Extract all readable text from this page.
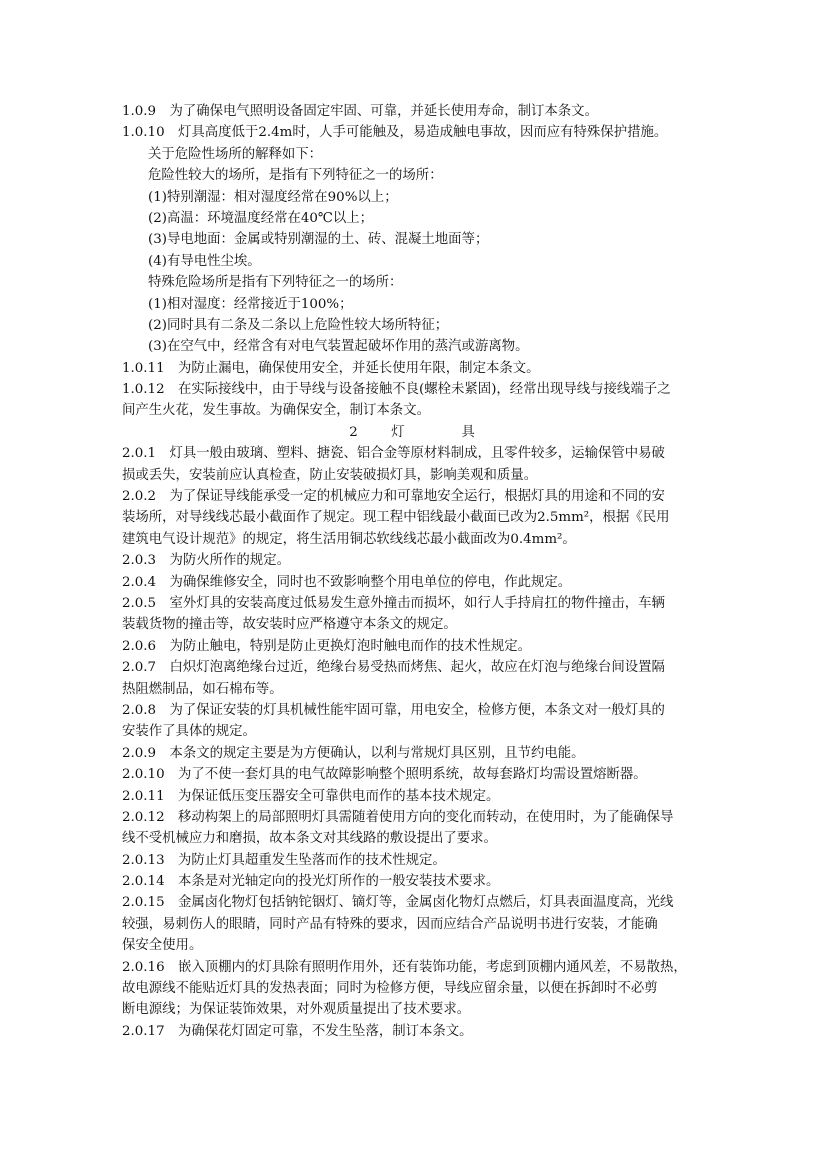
1.0.9　为了确保电气照明设备固定牢固、可靠，并延长使用寿命，制订本条文。
1.0.10　灯具高度低于2.4m时，人手可能触及，易造成触电事故，因而应有特殊保护措施。
关于危险性场所的解释如下：
危险性较大的场所，是指有下列特征之一的场所：
(1)特别潮湿：相对湿度经常在90%以上；
(2)高温：环境温度经常在40℃以上；
(3)导电地面：金属或特别潮湿的土、砖、混凝土地面等；
(4)有导电性尘埃。
特殊危险场所是指有下列特征之一的场所：
(1)相对湿度：经常接近于100%；
(2)同时具有二条及二条以上危险性较大场所特征；
(3)在空气中，经常含有对电气装置起破坏作用的蒸汽或游离物。
1.0.11　为防止漏电，确保使用安全，并延长使用年限，制定本条文。
1.0.12　在实际接线中，由于导线与设备接触不良(螺栓未紧固)，经常出现导线与接线端子之
间产生火花，发生事故。为确保安全，制订本条文。
2　灯　　具
2.0.1　灯具一般由玻璃、塑料、搪瓷、铝合金等原材料制成，且零件较多，运输保管中易破
损或丢失，安装前应认真检查，防止安装破损灯具，影响美观和质量。
2.0.2　为了保证导线能承受一定的机械应力和可靠地安全运行，根据灯具的用途和不同的安
装场所，对导线线芯最小截面作了规定。现工程中铝线最小截面已改为2.5mm²，根据《民用
建筑电气设计规范》的规定，将生活用铜芯软线线芯最小截面改为0.4mm²。
2.0.3　为防火所作的规定。
2.0.4　为确保维修安全，同时也不致影响整个用电单位的停电，作此规定。
2.0.5　室外灯具的安装高度过低易发生意外撞击而损坏，如行人手持肩扛的物件撞击，车辆
装载货物的撞击等，故安装时应严格遵守本条文的规定。
2.0.6　为防止触电，特别是防止更换灯泡时触电而作的技术性规定。
2.0.7　白炽灯泡离绝缘台过近，绝缘台易受热而烤焦、起火，故应在灯泡与绝缘台间设置隔
热阻燃制品，如石棉布等。
2.0.8　为了保证安装的灯具机械性能牢固可靠，用电安全，检修方便，本条文对一般灯具的
安装作了具体的规定。
2.0.9　本条文的规定主要是为方便确认，以利与常规灯具区别，且节约电能。
2.0.10　为了不使一套灯具的电气故障影响整个照明系统，故每套路灯均需设置熔断器。
2.0.11　为保证低压变压器安全可靠供电而作的基本技术规定。
2.0.12　移动构架上的局部照明灯具需随着使用方向的变化而转动，在使用时，为了能确保导
线不受机械应力和磨损，故本条文对其线路的敷设提出了要求。
2.0.13　为防止灯具超重发生坠落而作的技术性规定。
2.0.14　本条是对光轴定向的投光灯所作的一般安装技术要求。
2.0.15　金属卤化物灯包括钠铊铟灯、镝灯等，金属卤化物灯点燃后，灯具表面温度高，光线
较强，易刺伤人的眼睛，同时产品有特殊的要求，因而应结合产品说明书进行安装，才能确
保安全使用。
2.0.16　嵌入顶棚内的灯具除有照明作用外，还有装饰功能，考虑到顶棚内通风差，不易散热，
故电源线不能贴近灯具的发热表面；同时为检修方便，导线应留余量，以便在拆卸时不必剪
断电源线；为保证装饰效果，对外观质量提出了技术要求。
2.0.17　为确保花灯固定可靠，不发生坠落，制订本条文。
